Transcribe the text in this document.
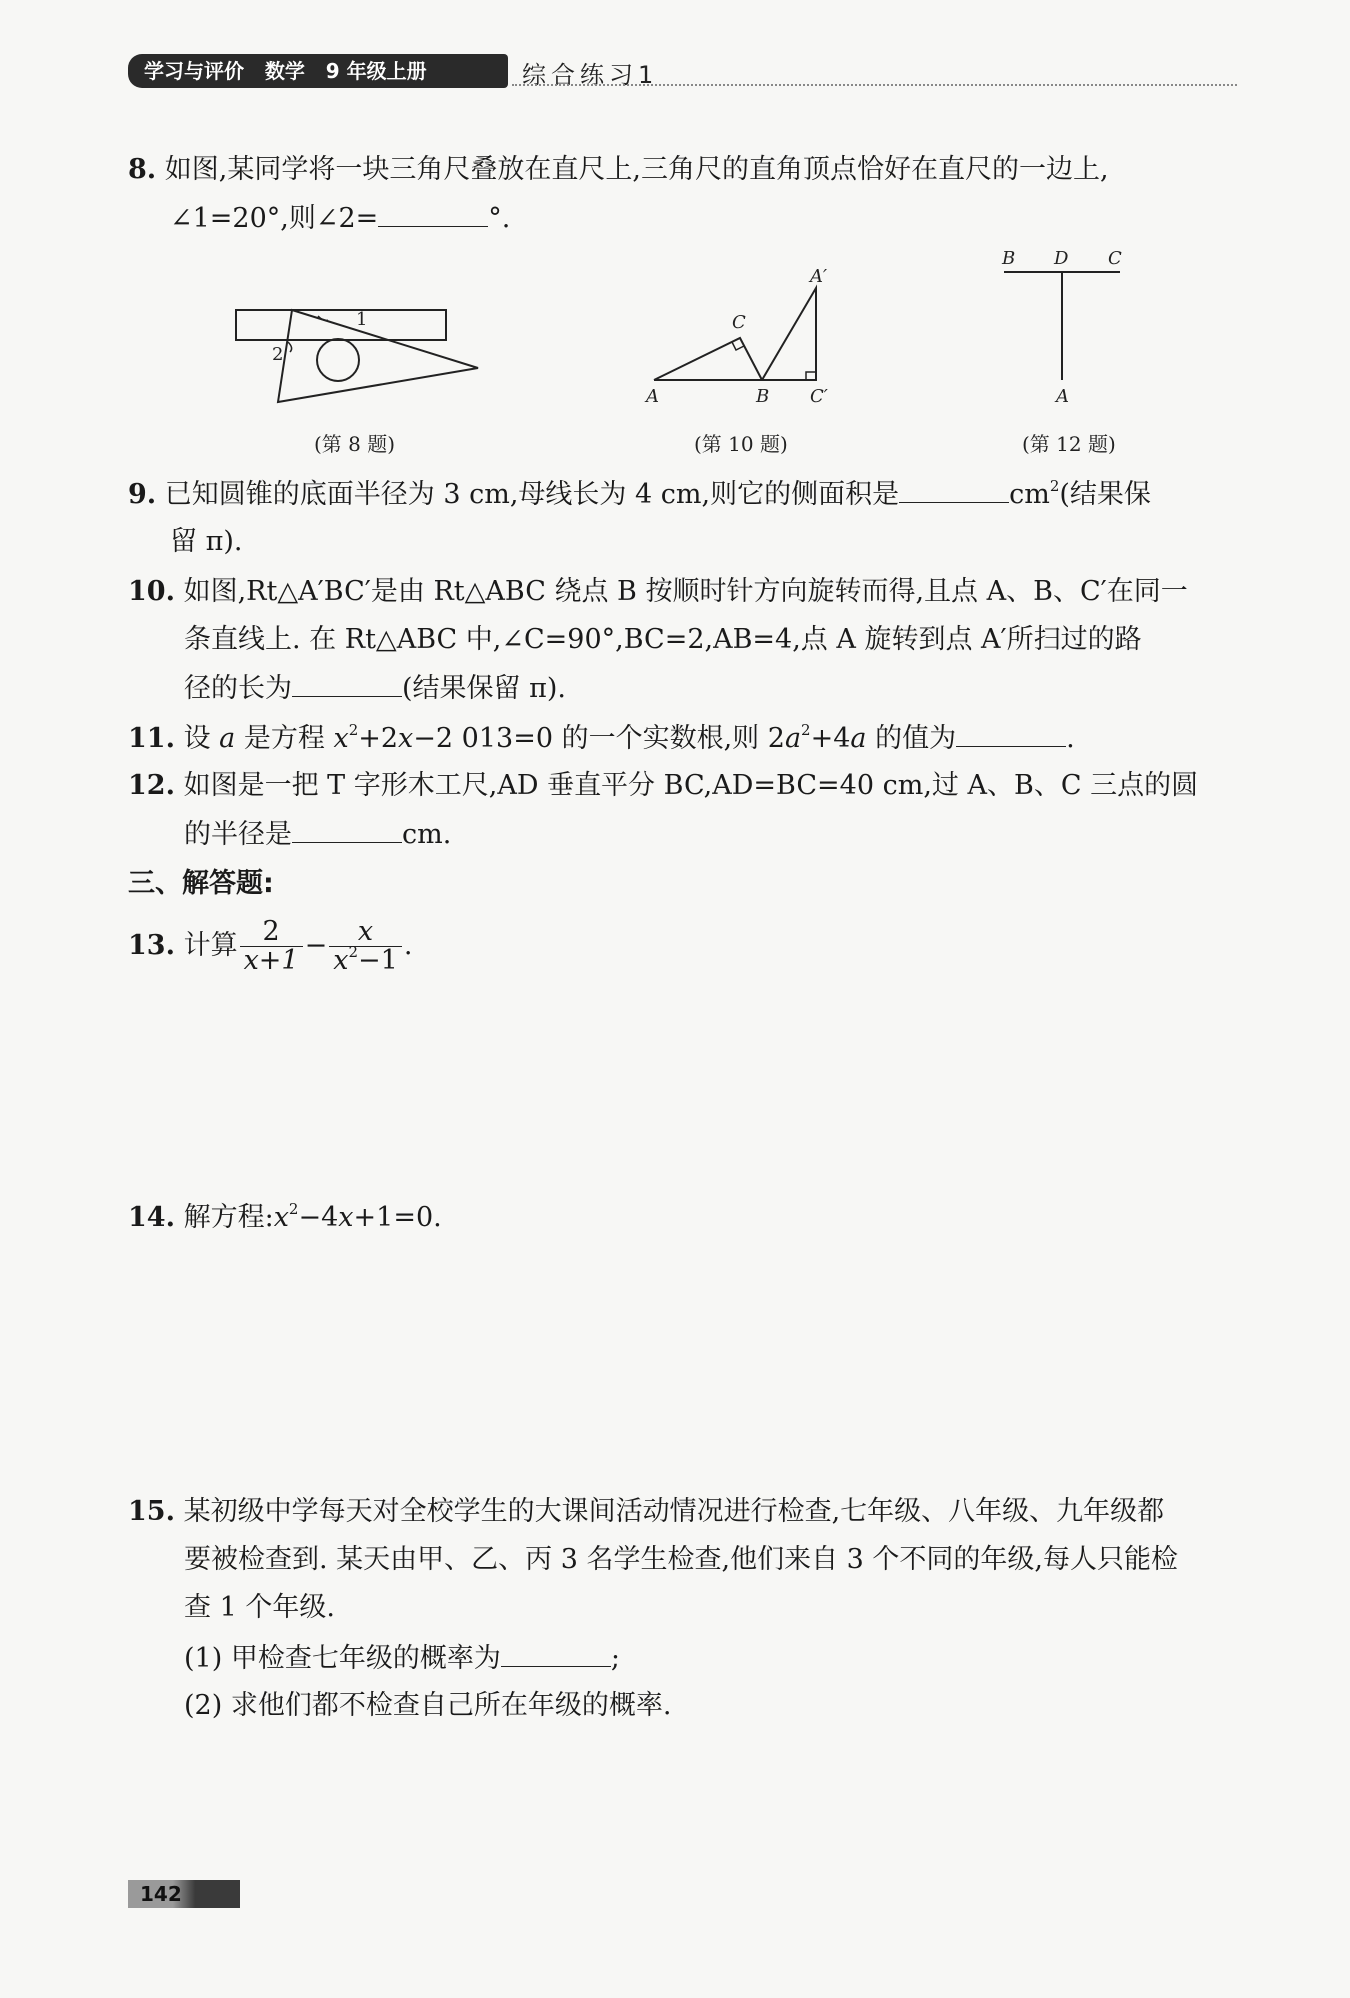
学习与评价   数学   9 年级上册	综合练习1
8. 如图,某同学将一块三角尺叠放在直尺上,三角尺的直角顶点恰好在直尺的一边上,
∠1=20°,则∠2=	°.
1
2
(第 8 题)
A	B
C
A′
C′
(第 10 题)
B D C
A
(第 12 题)
9. 已知圆锥的底面半径为 3 cm,母线长为 4 cm,则它的侧面积是	$cm^2$(结果保
留 π).
10. 如图,Rt△A′BC′是由 Rt△ABC 绕点 B 按顺时针方向旋转而得,且点 A、B、C′在同一
条直线上. 在 Rt△ABC 中,∠C=90°,BC=2,AB=4,点 A 旋转到点 A′所扫过的路
径的长为	(结果保留 π).
11. 设 a 是方程 $x^2+2x-2$ 013=0 的一个实数根,则 $2a^2+4a$ 的值为	.
12. 如图是一把 T 字形木工尺,AD 垂直平分 BC,AD=BC=40 cm,过 A、B、C 三点的圆
的半径是	cm.
三、解答题:
13. 计算 $\frac{2}{x+1} - \frac{x}{x^2-1}$ .
14. 解方程$:x^2-4x+1=0$.
15. 某初级中学每天对全校学生的大课间活动情况进行检查,七年级、八年级、九年级都
要被检查到. 某天由甲、乙、丙 3 名学生检查,他们来自 3 个不同的年级,每人只能检
查 1 个年级.
(1) 甲检查七年级的概率为	;
(2) 求他们都不检查自己所在年级的概率.
142
